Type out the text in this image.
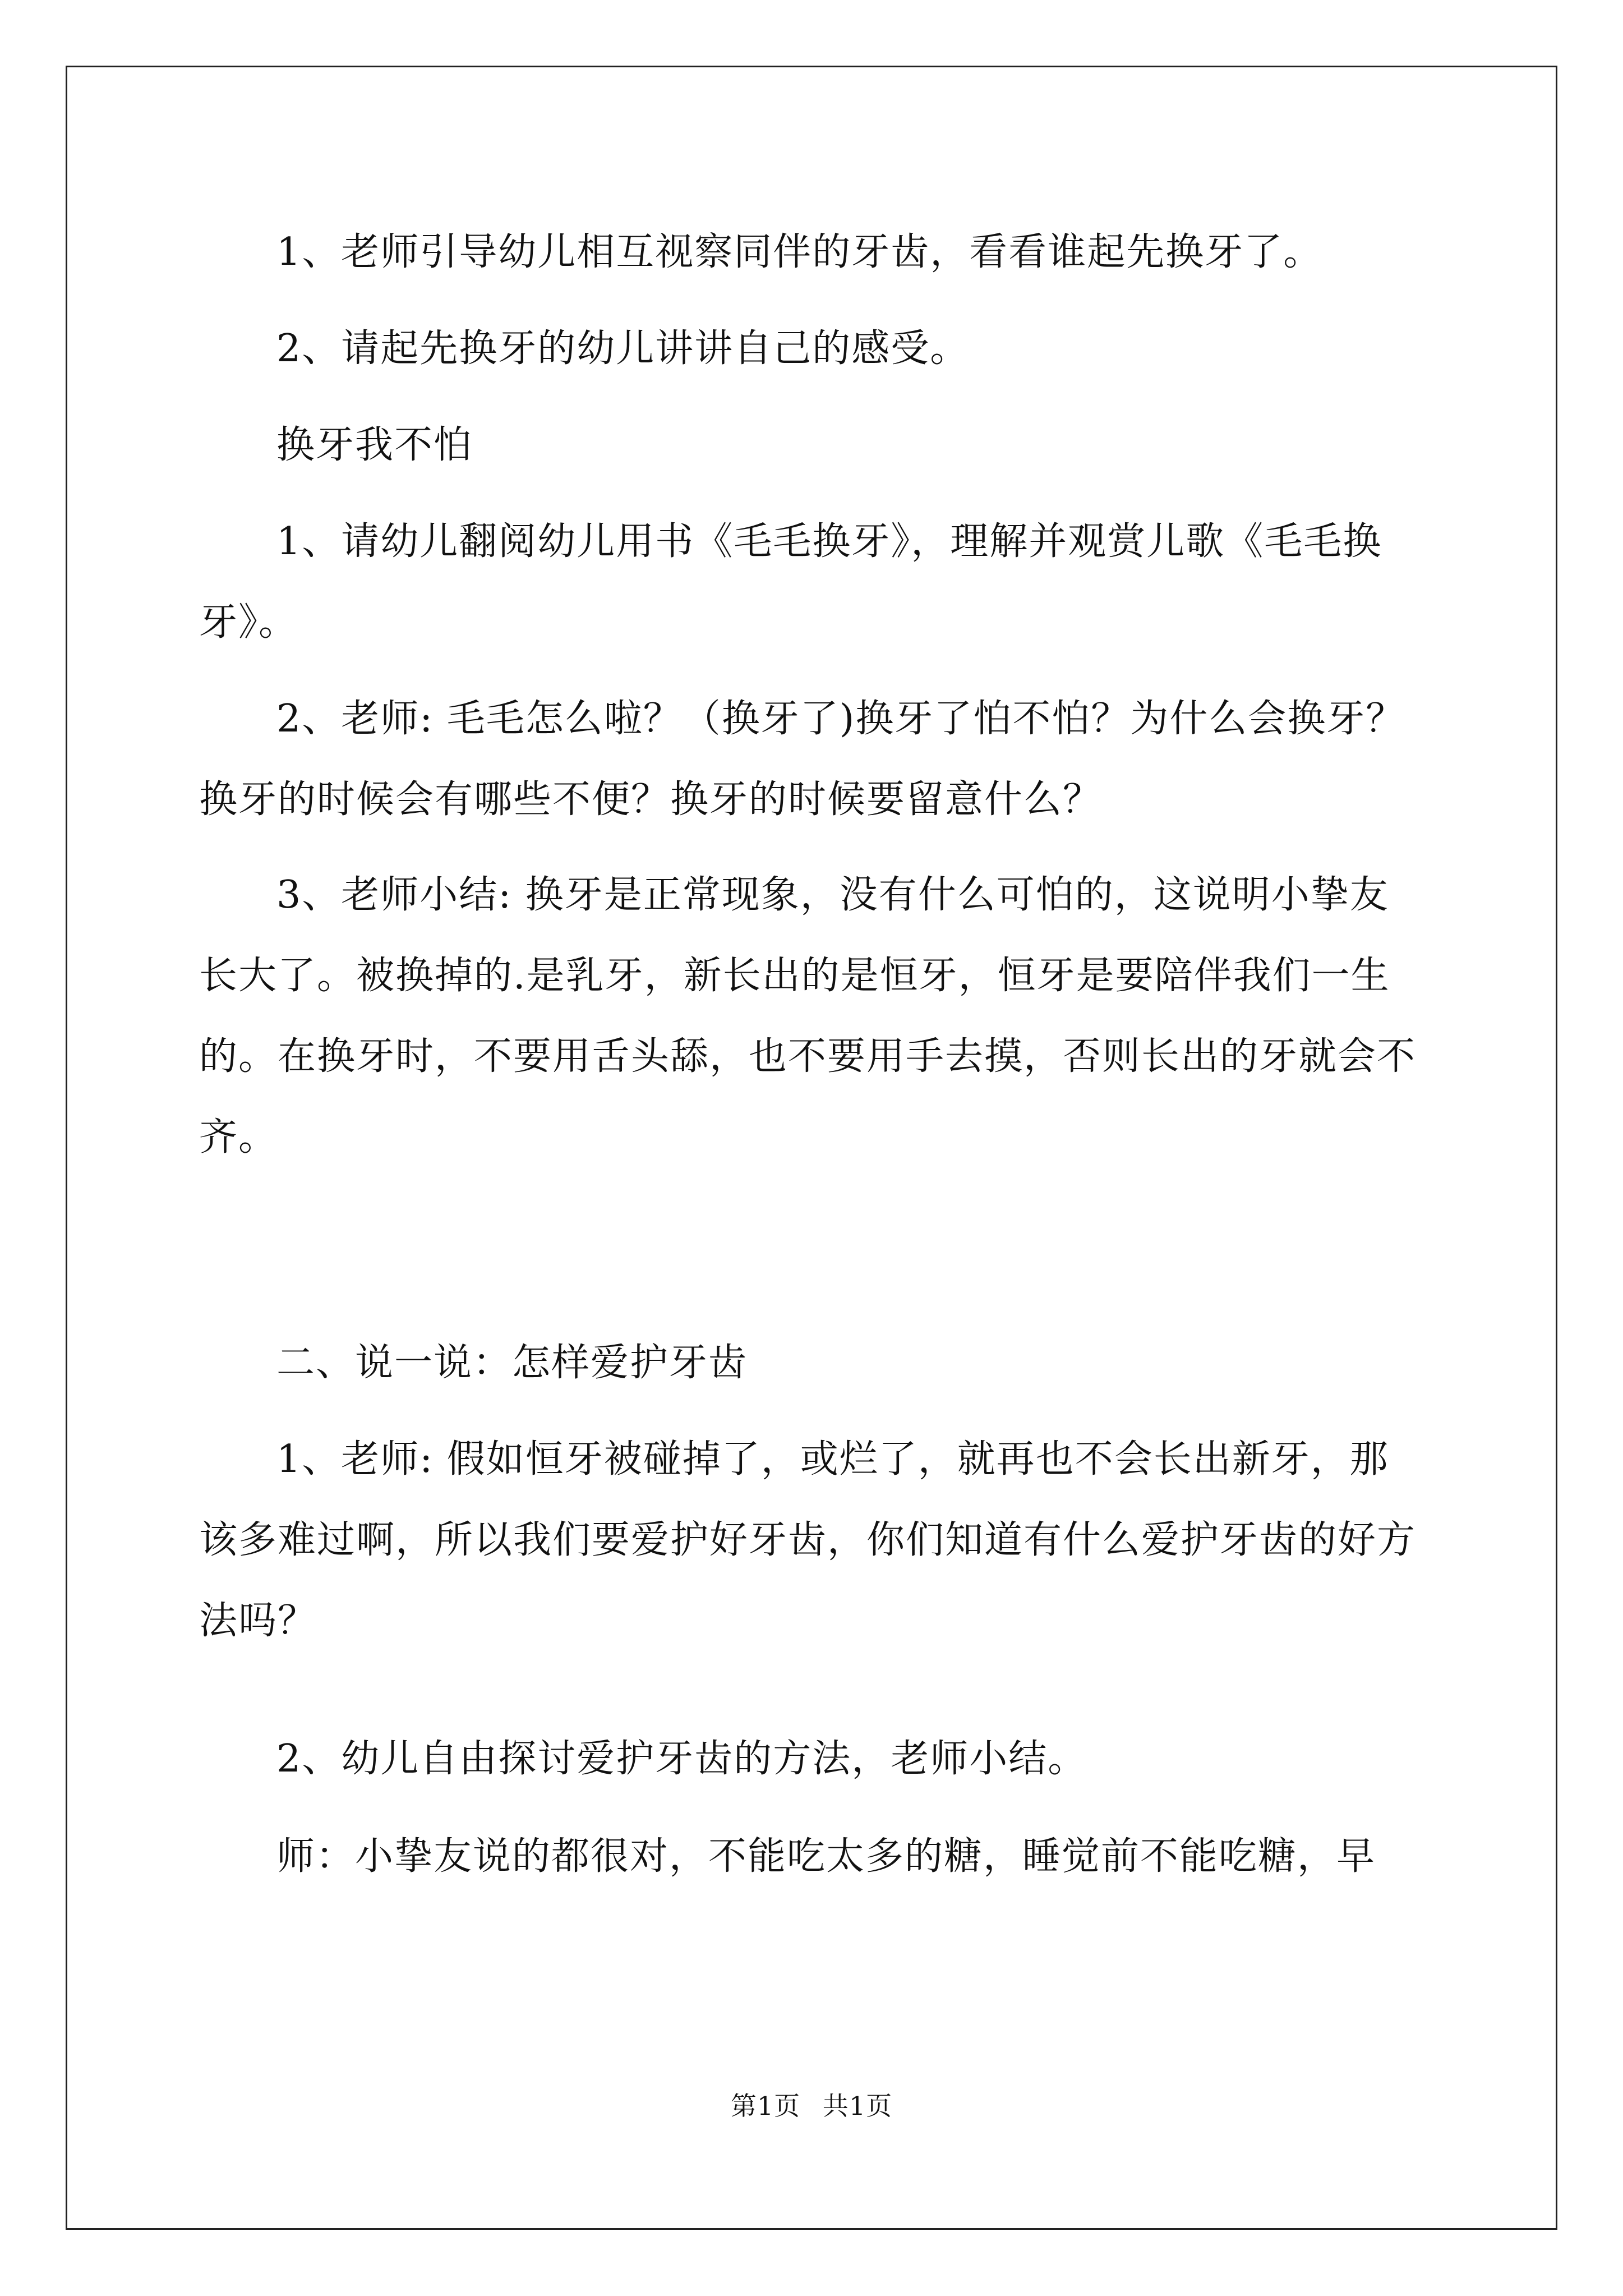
1、老师引导幼儿相互视察同伴的牙齿，看看谁起先换牙了。

2、请起先换牙的幼儿讲讲自己的感受。

换牙我不怕

1、请幼儿翻阅幼儿用书《毛毛换牙》，理解并观赏儿歌《毛毛换牙》。

2、老师: 毛毛怎么啦？（换牙了)换牙了怕不怕？为什么会换牙？换牙的时候会有哪些不便？换牙的时候要留意什么？

3、老师小结: 换牙是正常现象，没有什么可怕的，这说明小挚友长大了。被换掉的.是乳牙，新长出的是恒牙，恒牙是要陪伴我们一生的。在换牙时，不要用舌头舔，也不要用手去摸，否则长出的牙就会不齐。

二、说一说：怎样爱护牙齿

1、老师: 假如恒牙被碰掉了，或烂了，就再也不会长出新牙，那该多难过啊，所以我们要爱护好牙齿，你们知道有什么爱护牙齿的好方法吗？

2、幼儿自由探讨爱护牙齿的方法，老师小结。

师：小挚友说的都很对，不能吃太多的糖，睡觉前不能吃糖，早

第1页 共1页
